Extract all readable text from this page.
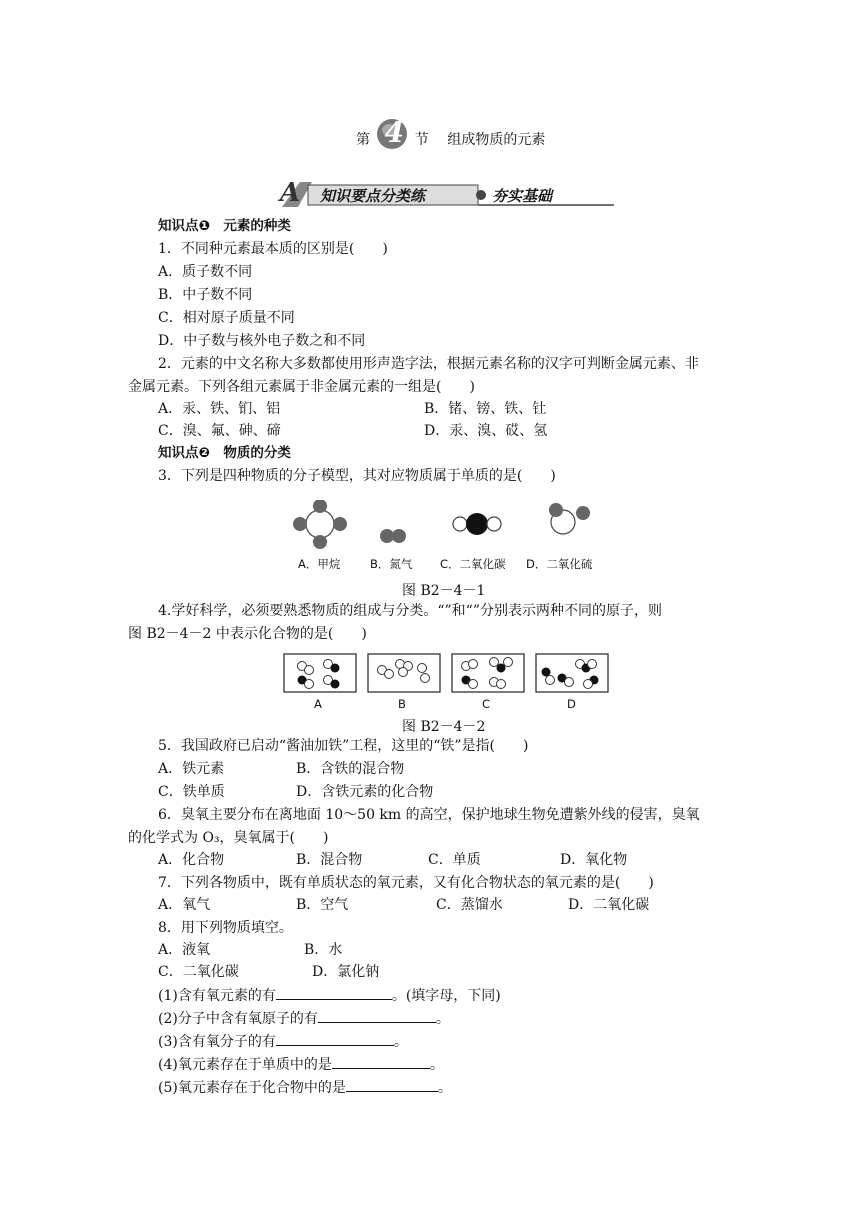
第 4 节 组成物质的元素
A 知识要点分类练	夯实基础
知识点❶　元素的种类
1．不同种元素最本质的区别是(　　)
A．质子数不同
B．中子数不同
C．相对原子质量不同
D．中子数与核外电子数之和不同
2．元素的中文名称大多数都使用形声造字法，根据元素名称的汉字可判断金属元素、非
金属元素。下列各组元素属于非金属元素的一组是(　　)
A．汞、铁、钔、铝	B．锗、镑、铁、钍
C．溴、氟、砷、碲	D．汞、溴、砹、氢
知识点❷　物质的分类
3．下列是四种物质的分子模型，其对应物质属于单质的是(　　)
A．甲烷	B．氮气 C．二氧化碳 D．二氧化硫
图 B2－4－1
4.学好科学，必须要熟悉物质的组成与分类。“”和“”分别表示两种不同的原子，则
图 B2－4－2 中表示化合物的是(　　)
A	B	C	D
图 B2－4－2
5．我国政府已启动“酱油加铁”工程，这里的“铁”是指(　　)
A．铁元素	B．含铁的混合物
C．铁单质	D．含铁元素的化合物
6．臭氧主要分布在离地面 10～50 km 的高空，保护地球生物免遭紫外线的侵害，臭氧
的化学式为 O₃，臭氧属于(　　)
A．化合物	B．混合物	C．单质	D．氧化物
7．下列各物质中，既有单质状态的氧元素，又有化合物状态的氧元素的是(　　)
A．氧气	B．空气	C．蒸馏水	D．二氧化碳
8．用下列物质填空。
A．液氧	B．水
C．二氧化碳	D．氯化钠
(1)含有氧元素的有	。(填字母，下同)
(2)分子中含有氧原子的有	。
(3)含有氧分子的有	。
(4)氧元素存在于单质中的是	。
(5)氧元素存在于化合物中的是	。
